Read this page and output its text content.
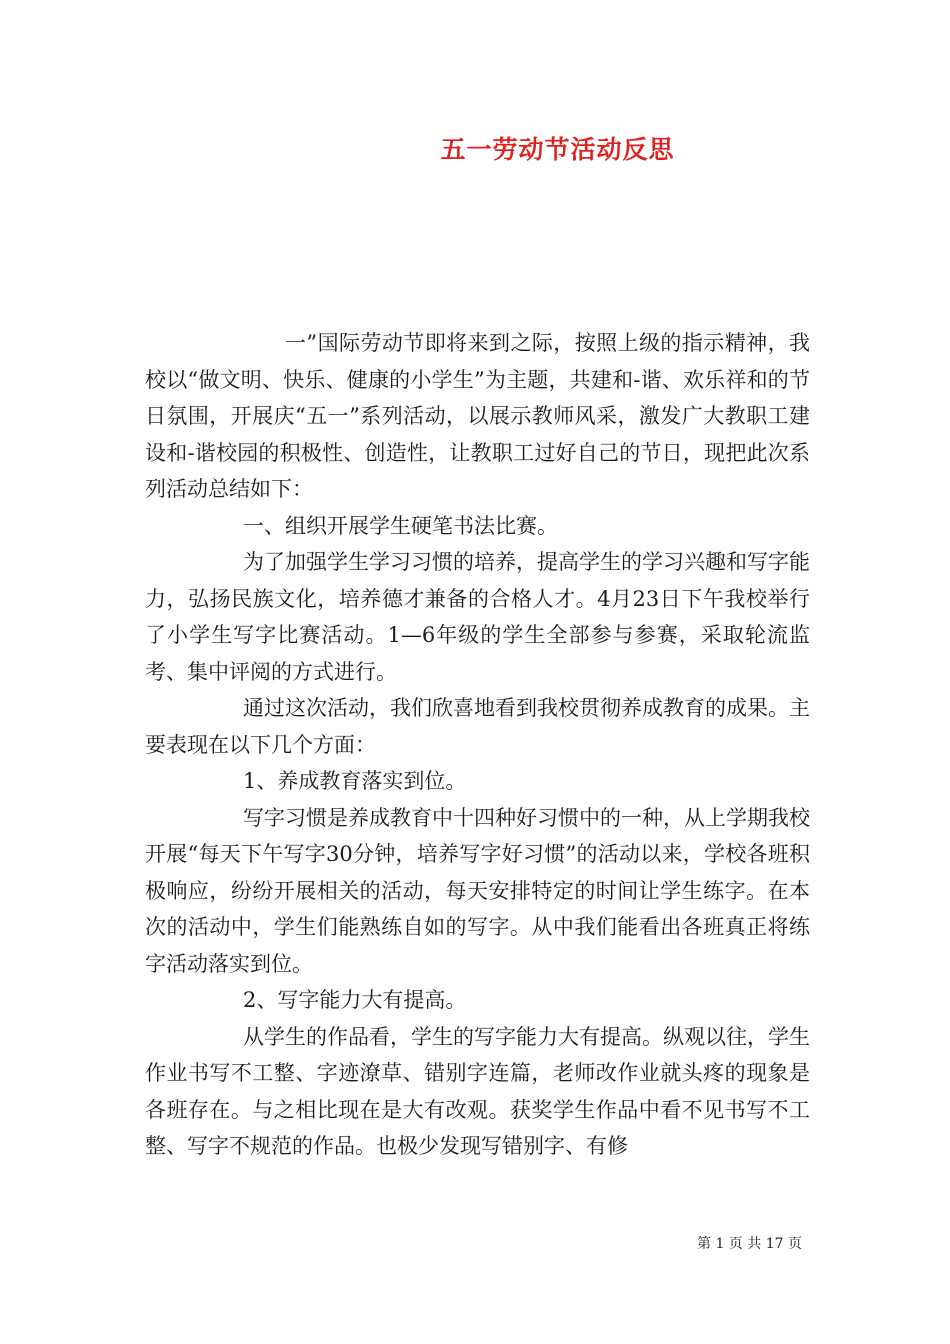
五一劳动节活动反思

一”国际劳动节即将来到之际，按照上级的指示精神，我校以“做文明、快乐、健康的小学生”为主题，共建和-谐、欢乐祥和的节日氛围，开展庆“五一”系列活动，以展示教师风采，激发广大教职工建设和-谐校园的积极性、创造性，让教职工过好自己的节日，现把此次系列活动总结如下：

一、组织开展学生硬笔书法比赛。

为了加强学生学习习惯的培养，提高学生的学习兴趣和写字能力，弘扬民族文化，培养德才兼备的合格人才。4月23日下午我校举行了小学生写字比赛活动。1—6年级的学生全部参与参赛，采取轮流监考、集中评阅的方式进行。

通过这次活动，我们欣喜地看到我校贯彻养成教育的成果。主要表现在以下几个方面：

1、养成教育落实到位。

写字习惯是养成教育中十四种好习惯中的一种，从上学期我校开展“每天下午写字30分钟，培养写字好习惯”的活动以来，学校各班积极响应，纷纷开展相关的活动，每天安排特定的时间让学生练字。在本次的活动中，学生们能熟练自如的写字。从中我们能看出各班真正将练字活动落实到位。

2、写字能力大有提高。

从学生的作品看，学生的写字能力大有提高。纵观以往，学生作业书写不工整、字迹潦草、错别字连篇，老师改作业就头疼的现象是各班存在。与之相比现在是大有改观。获奖学生作品中看不见书写不工整、写字不规范的作品。也极少发现写错别字、有修

第 1 页 共 17 页
